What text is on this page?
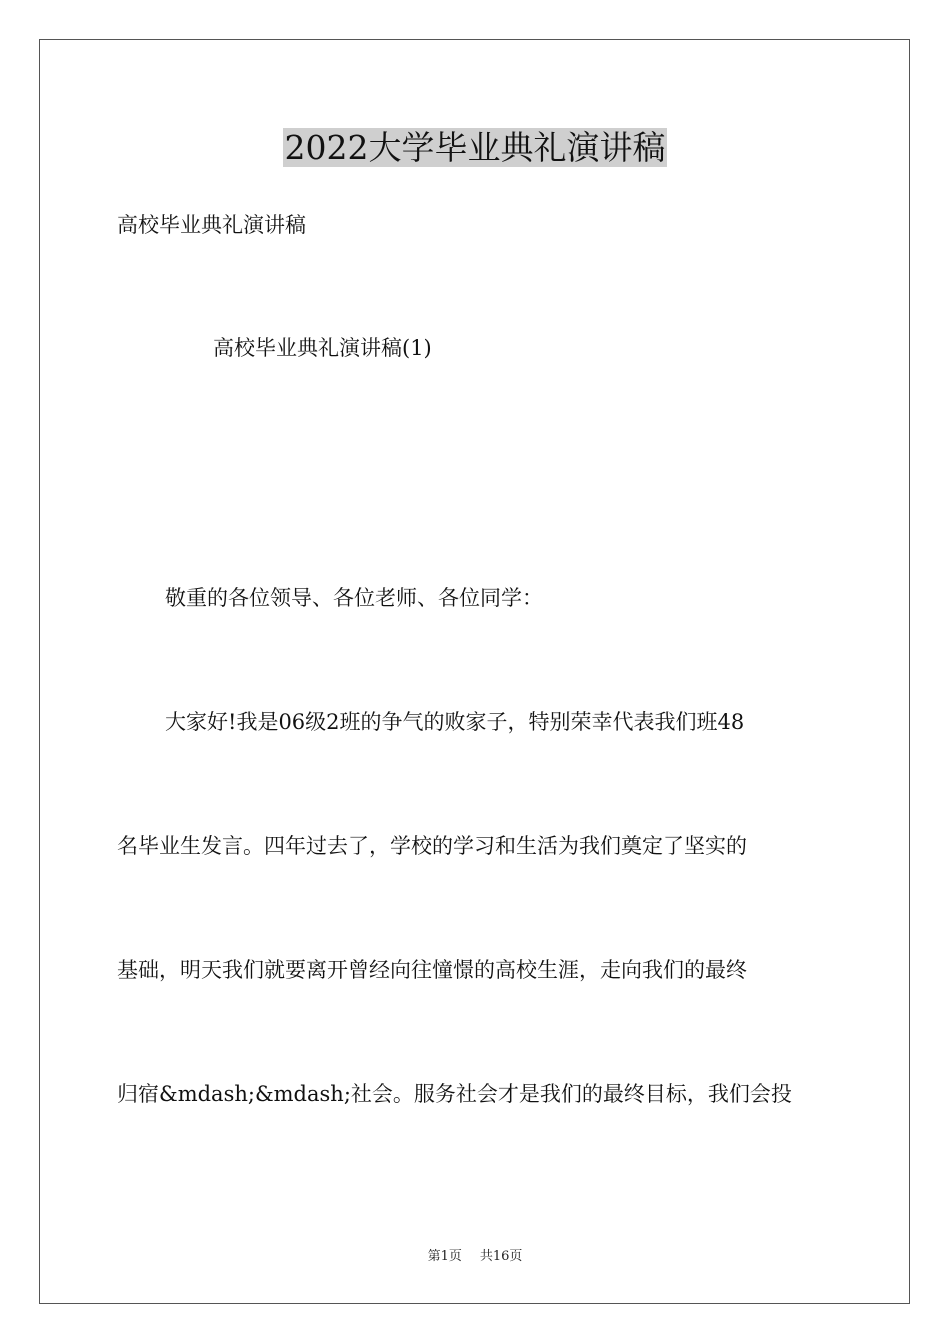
2022大学毕业典礼演讲稿
高校毕业典礼演讲稿
高校毕业典礼演讲稿(1)
敬重的各位领导、各位老师、各位同学：
大家好!我是06级2班的争气的败家子，特别荣幸代表我们班48
名毕业生发言。四年过去了，学校的学习和生活为我们奠定了坚实的
基础，明天我们就要离开曾经向往憧憬的高校生涯，走向我们的最终
归宿&mdash;&mdash;社会。服务社会才是我们的最终目标，我们会投
第1页 共16页
